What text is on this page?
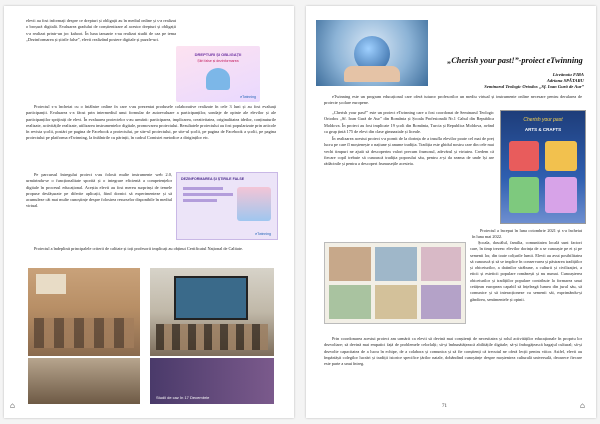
elevii au fost informați despre ce drepturi și obligații au în mediul online și s-a realizat o broșură digitală. Evaluarea gradului de conștientizare al acestor drepturi și obligații s-a realizat printr-un joc kahoot. În luna ianuarie s-au realizat studii de caz pe tema „Dezinformarea și știrile false”, elevii realizând postere digitale și puzzle-uri.

DREPTURI ȘI OBLIGAȚII
Știri false și dezinformarea
eTwinning

Proiectul s-a încheiat cu o întâlnire online în care s-au prezentat produsele colaborative realizate în cele 3 luni și au fost evaluați participanții. Evaluarea s-a făcut prin intermediul unui formular de autoevaluare a participanților, sondaje de opinie ale elevilor și ale participanților sprijiniți de elevi. În evaluarea proiectelor s-au urmărit: participarea, implicarea, creativitatea, originalitatea ideilor, conținuturile realizate, activitățile realizate, utilizarea instrumentelor digitale, promovarea proiectului. Rezultatele proiectului au fost popularizate prin articole în revista școlii, postări pe pagina de Facebook a proiectului, pe site-ul proiectului, pe site-ul școlii, pe pagina de Facebook a școlii, pe pagina proiectului pe platforma eTwinning, la întâlnirile cu părinții, în cadrul Comisiei metodice a diriginților etc.

DEZINFORMAREA ȘI ȘTIRILE FALSE
eTwinning

Pe parcursul întregului proiect s-au folosit multe instrumente web 2.0, urmărindu-se o funcționalitate sporită și o integrare eficientă a competențelor digitale în procesul educațional. Aceștia elevii au fost mereu surprinși de temele propuse desfășurate pe diferite aplicații, fiind dornici să experimenteze și să acumuleze cât mai multe cunoștințe despre folosirea resurselor disponibile în mediul virtual.

Proiectul a îndeplinit principalele criterii de calitate și toți profesorii implicați au obținut Certificatul Național de Calitate.

Studii de caz în 17 Decembrie
⌂
„Cherish your past!”-proiect eTwinning
Liceănoiu FIRA
Adriana SPĂTARU
Seminarul Teologic Ortodox „Sf. Ioan Gură de Aur”

eTwinning este un program educațional care oferă tuturor profesorilor un mediu virtual și instrumente online necesare pentru derularea de proiecte școlare europene.

„Cherish your past!” este un proiect eTwinning care a fost coordonat de Seminarul Teologic Ortodox „Sf. Ioan Gură de Aur” din România și Școala Profesională Nr.1 Cahul din Republica Moldova. În proiect au fost implicate 19 școli din România, Turcia și Republica Moldova, având ca grup țintă 175 de elevi din clase gimnaziale și liceale.

În realizarea acestui proiect s-a pornit de la dorința de a insufla elevilor poate cel mai de preț lucru pe care îl moștenește o națiune și anume tradiția. Tradiția este ghidul nostru care din cele mai vechi timpuri ne ajută să descoperim valori precum frumosul, adevărul și virtutea. Credem că fiecare copil trebuie să cunoască tradiția poporului său, pentru a-și da seama de unde își are rădăcinile și pentru a descoperi frumusețile acesteia.

Cherish your past
ARTS & CRAFTS

Proiectul a început în luna octombrie 2021 și s-a încheiat în luna mai 2022.

Școala, dascălul, familia, comunitatea locală sunt factori care, în timp trezesc elevilor dorința de a se cunoaște pe ei și pe semenii lor, din toate colțurile lumii. Elevii au avut posibilitatea să cunoască și să se implice în conservarea și păstrarea tradițiilor și obiceiurilor, a datinilor străbune, a culturii și civilizației, a eticii și esteticii populare românești și nu numai. Cunoașterea obiceiurilor și tradițiilor populare contribuie la formarea unui cetățean european capabil să înțeleagă lumea din jurul său, să comunice și să interacționeze cu semenii săi, exprimându-și gândirea, sentimentele și opinii.

Prin coordonarea acestui proiect am urmărit ca elevii să devină mai conștienți de necesitatea și rolul activităților educaționale în propriu lor dezvoltare; să devină mai empatici față de problemele celorlalți; să-și îmbunătățească abilitățile digitale; să-și îmbogățească bagajul cultural; să-și dezvolte capacitatea de a lucra în echipe, de a colabora și comunica și să fie conștienți că trecutul ne oferă lecții pentru viitor. Astfel, elevii au împărtășit colegilor lucrări și tradiții istorice specifice țărilor natale, dobândind cunoștințe despre moștenirea culturală universală, deoarece fiecare este parte a unui întreg.

71	⌂
